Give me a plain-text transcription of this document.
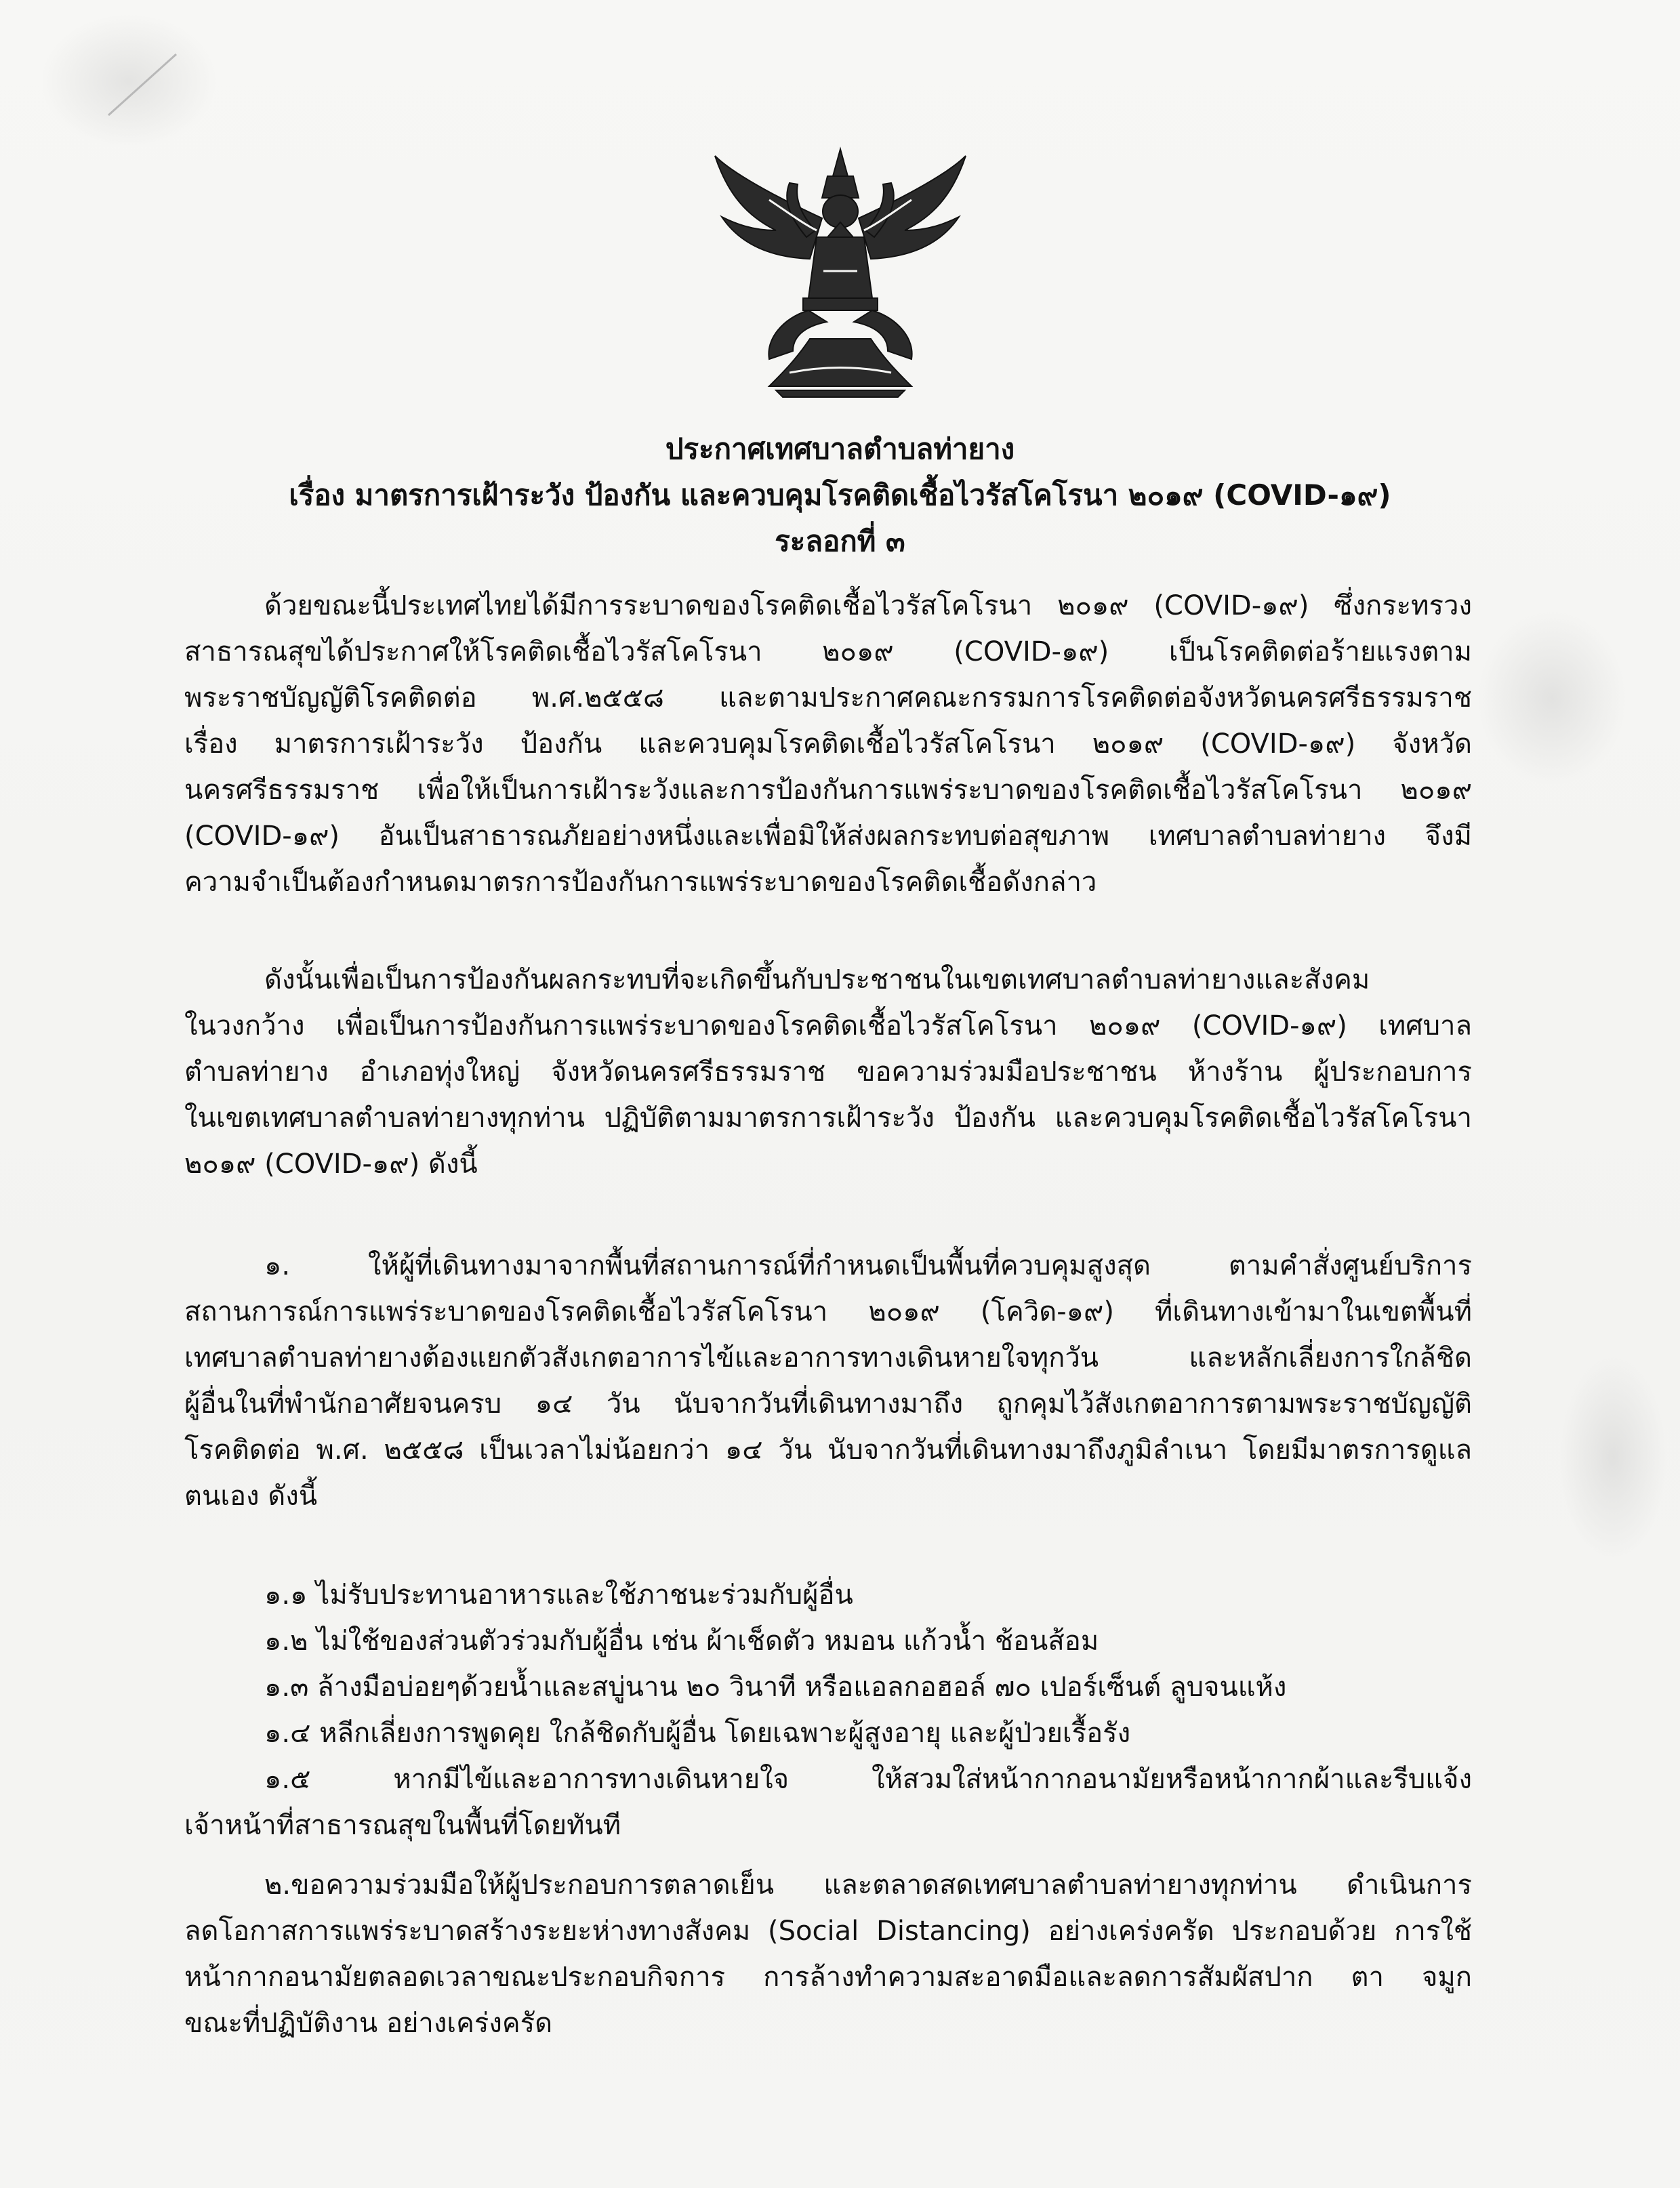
ประกาศเทศบาลตำบลท่ายาง
เรื่อง มาตรการเฝ้าระวัง ป้องกัน และควบคุมโรคติดเชื้อไวรัสโคโรนา ๒๐๑๙ (COVID-๑๙)
ระลอกที่ ๓
ด้วยขณะนี้ประเทศไทยได้มีการระบาดของโรคติดเชื้อไวรัสโคโรนา ๒๐๑๙ (COVID-๑๙) ซึ่งกระทรวง
สาธารณสุขได้ประกาศให้โรคติดเชื้อไวรัสโคโรนา ๒๐๑๙ (COVID-๑๙) เป็นโรคติดต่อร้ายแรงตาม
พระราชบัญญัติโรคติดต่อ พ.ศ.๒๕๕๘ และตามประกาศคณะกรรมการโรคติดต่อจังหวัดนครศรีธรรมราช
เรื่อง มาตรการเฝ้าระวัง ป้องกัน และควบคุมโรคติดเชื้อไวรัสโคโรนา ๒๐๑๙ (COVID-๑๙) จังหวัด
นครศรีธรรมราช เพื่อให้เป็นการเฝ้าระวังและการป้องกันการแพร่ระบาดของโรคติดเชื้อไวรัสโคโรนา ๒๐๑๙
(COVID-๑๙) อันเป็นสาธารณภัยอย่างหนึ่งและเพื่อมิให้ส่งผลกระทบต่อสุขภาพ เทศบาลตำบลท่ายาง จึงมี
ความจำเป็นต้องกำหนดมาตรการป้องกันการแพร่ระบาดของโรคติดเชื้อดังกล่าว
ดังนั้นเพื่อเป็นการป้องกันผลกระทบที่จะเกิดขึ้นกับประชาชนในเขตเทศบาลตำบลท่ายางและสังคม
ในวงกว้าง เพื่อเป็นการป้องกันการแพร่ระบาดของโรคติดเชื้อไวรัสโคโรนา ๒๐๑๙ (COVID-๑๙) เทศบาล
ตำบลท่ายาง อำเภอทุ่งใหญ่ จังหวัดนครศรีธรรมราช ขอความร่วมมือประชาชน ห้างร้าน ผู้ประกอบการ
ในเขตเทศบาลตำบลท่ายางทุกท่าน ปฏิบัติตามมาตรการเฝ้าระวัง ป้องกัน และควบคุมโรคติดเชื้อไวรัสโคโรนา
๒๐๑๙ (COVID-๑๙) ดังนี้
๑. ให้ผู้ที่เดินทางมาจากพื้นที่สถานการณ์ที่กำหนดเป็นพื้นที่ควบคุมสูงสุด ตามคำสั่งศูนย์บริการ
สถานการณ์การแพร่ระบาดของโรคติดเชื้อไวรัสโคโรนา ๒๐๑๙ (โควิด-๑๙) ที่เดินทางเข้ามาในเขตพื้นที่
เทศบาลตำบลท่ายางต้องแยกตัวสังเกตอาการไข้และอาการทางเดินหายใจทุกวัน และหลักเลี่ยงการใกล้ชิด
ผู้อื่นในที่พำนักอาศัยจนครบ ๑๔ วัน นับจากวันที่เดินทางมาถึง ถูกคุมไว้สังเกตอาการตามพระราชบัญญัติ
โรคติดต่อ พ.ศ. ๒๕๕๘ เป็นเวลาไม่น้อยกว่า ๑๔ วัน นับจากวันที่เดินทางมาถึงภูมิลำเนา โดยมีมาตรการดูแล
ตนเอง ดังนี้
๑.๑ ไม่รับประทานอาหารและใช้ภาชนะร่วมกับผู้อื่น
๑.๒ ไม่ใช้ของส่วนตัวร่วมกับผู้อื่น เช่น ผ้าเช็ดตัว หมอน แก้วน้ำ ช้อนส้อม
๑.๓ ล้างมือบ่อยๆด้วยน้ำและสบู่นาน ๒๐ วินาที หรือแอลกอฮอล์ ๗๐ เปอร์เซ็นต์ ลูบจนแห้ง
๑.๔ หลีกเลี่ยงการพูดคุย ใกล้ชิดกับผู้อื่น โดยเฉพาะผู้สูงอายุ และผู้ป่วยเรื้อรัง
๑.๕ หากมีไข้และอาการทางเดินหายใจ ให้สวมใส่หน้ากากอนามัยหรือหน้ากากผ้าและรีบแจ้ง
เจ้าหน้าที่สาธารณสุขในพื้นที่โดยทันที
๒.ขอความร่วมมือให้ผู้ประกอบการตลาดเย็น และตลาดสดเทศบาลตำบลท่ายางทุกท่าน ดำเนินการ
ลดโอกาสการแพร่ระบาดสร้างระยะห่างทางสังคม (Social Distancing) อย่างเคร่งครัด ประกอบด้วย การใช้
หน้ากากอนามัยตลอดเวลาขณะประกอบกิจการ การล้างทำความสะอาดมือและลดการสัมผัสปาก ตา จมูก
ขณะที่ปฏิบัติงาน อย่างเคร่งครัด
